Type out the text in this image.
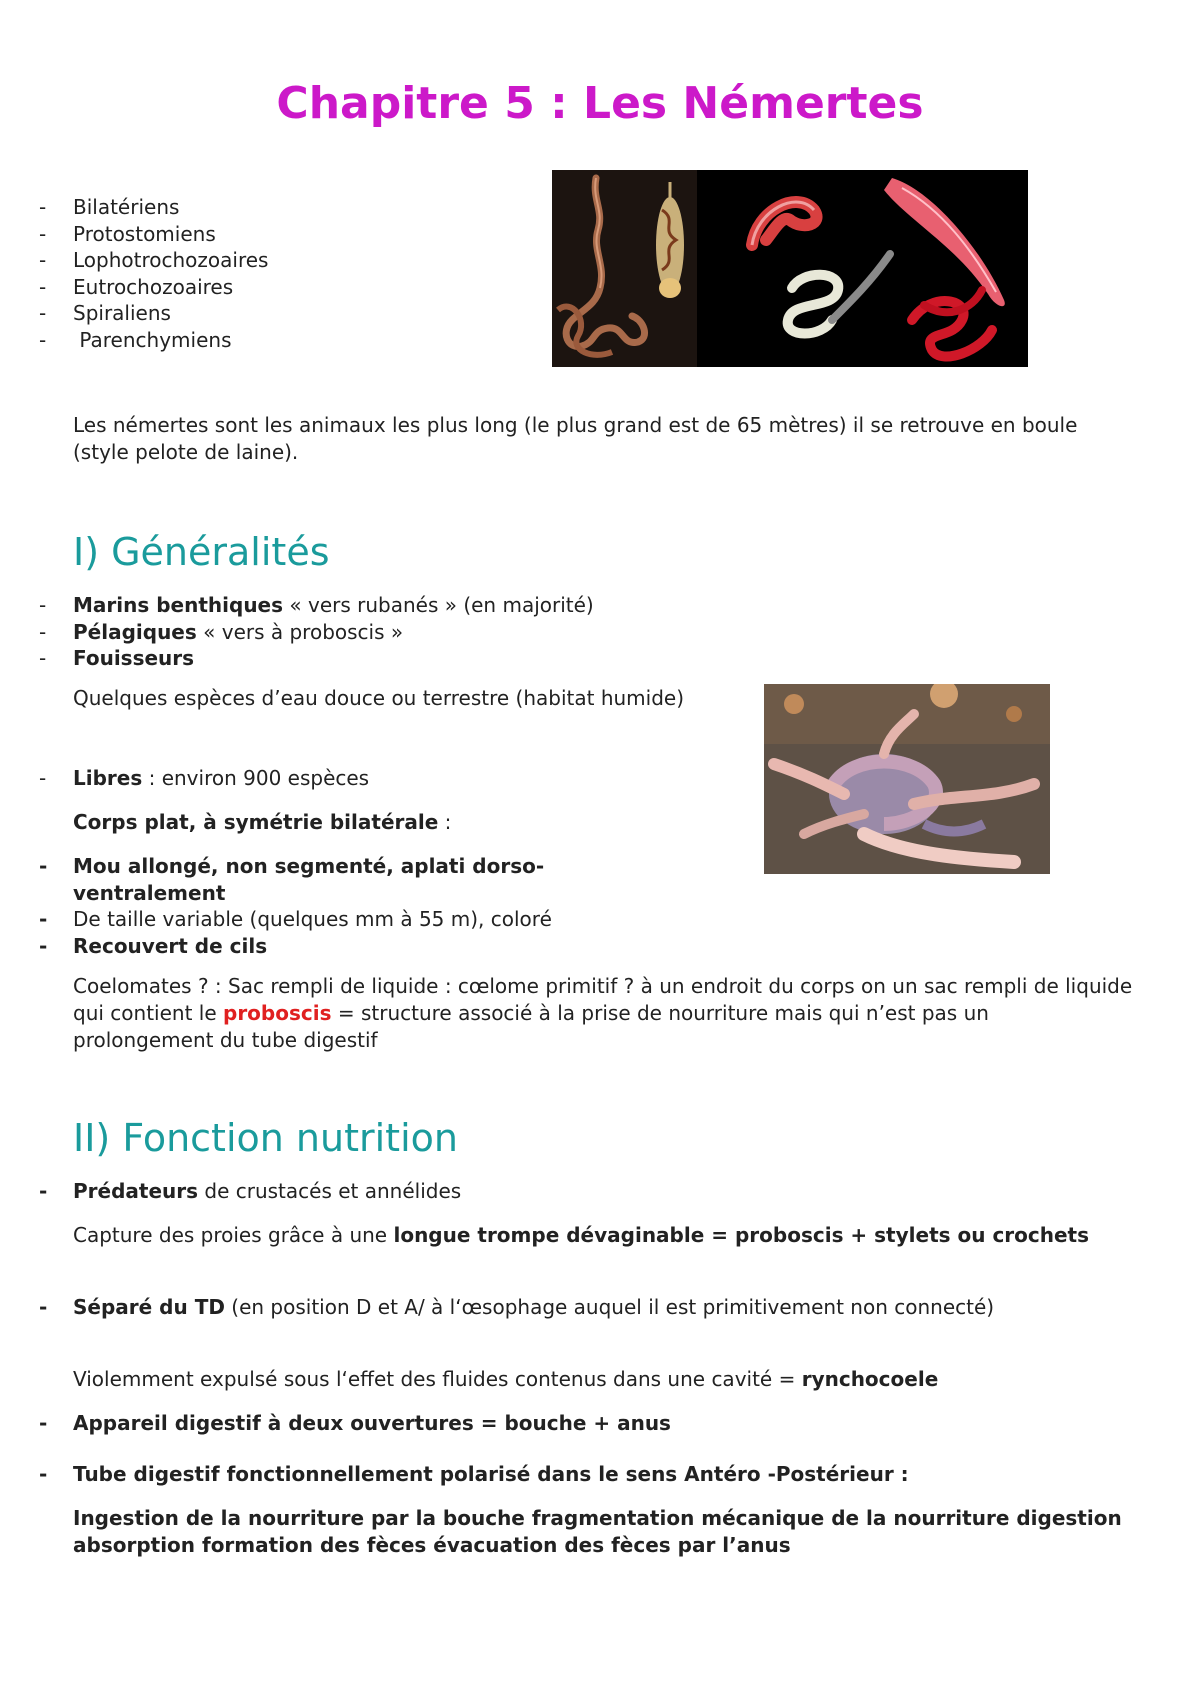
Chapitre 5 : Les Némertes
- Bilatériens
- Protostomiens
- Lophotrochozoaires
- Eutrochozoaires
- Spiraliens
-  Parenchymiens

Les némertes sont les animaux les plus long (le plus grand est de 65 mètres) il se retrouve en boule (style pelote de laine).

I) Généralités
- Marins benthiques « vers rubanés » (en majorité)
- Pélagiques « vers à proboscis »
- Fouisseurs

Quelques espèces d’eau douce ou terrestre (habitat humide)

- Libres : environ 900 espèces

Corps plat, à symétrie bilatérale :

- Mou allongé, non segmenté, aplati dorso-ventralement
- De taille variable (quelques mm à 55 m), coloré
- Recouvert de cils

Coelomates ? : Sac rempli de liquide : cœlome primitif ? à un endroit du corps on un sac rempli de liquide qui contient le proboscis = structure associé à la prise de nourriture mais qui n’est pas un prolongement du tube digestif

II) Fonction nutrition
- Prédateurs de crustacés et annélides

Capture des proies grâce à une longue trompe dévaginable = proboscis + stylets ou crochets

- Séparé du TD (en position D et A/ à l‘œsophage auquel il est primitivement non connecté)

Violemment expulsé sous l‘effet des fluides contenus dans une cavité = rynchocoele

- Appareil digestif à deux ouvertures = bouche + anus
- Tube digestif fonctionnellement polarisé dans le sens Antéro -Postérieur :

Ingestion de la nourriture par la bouche fragmentation mécanique de la nourriture digestion absorption formation des fèces évacuation des fèces par l’anus
